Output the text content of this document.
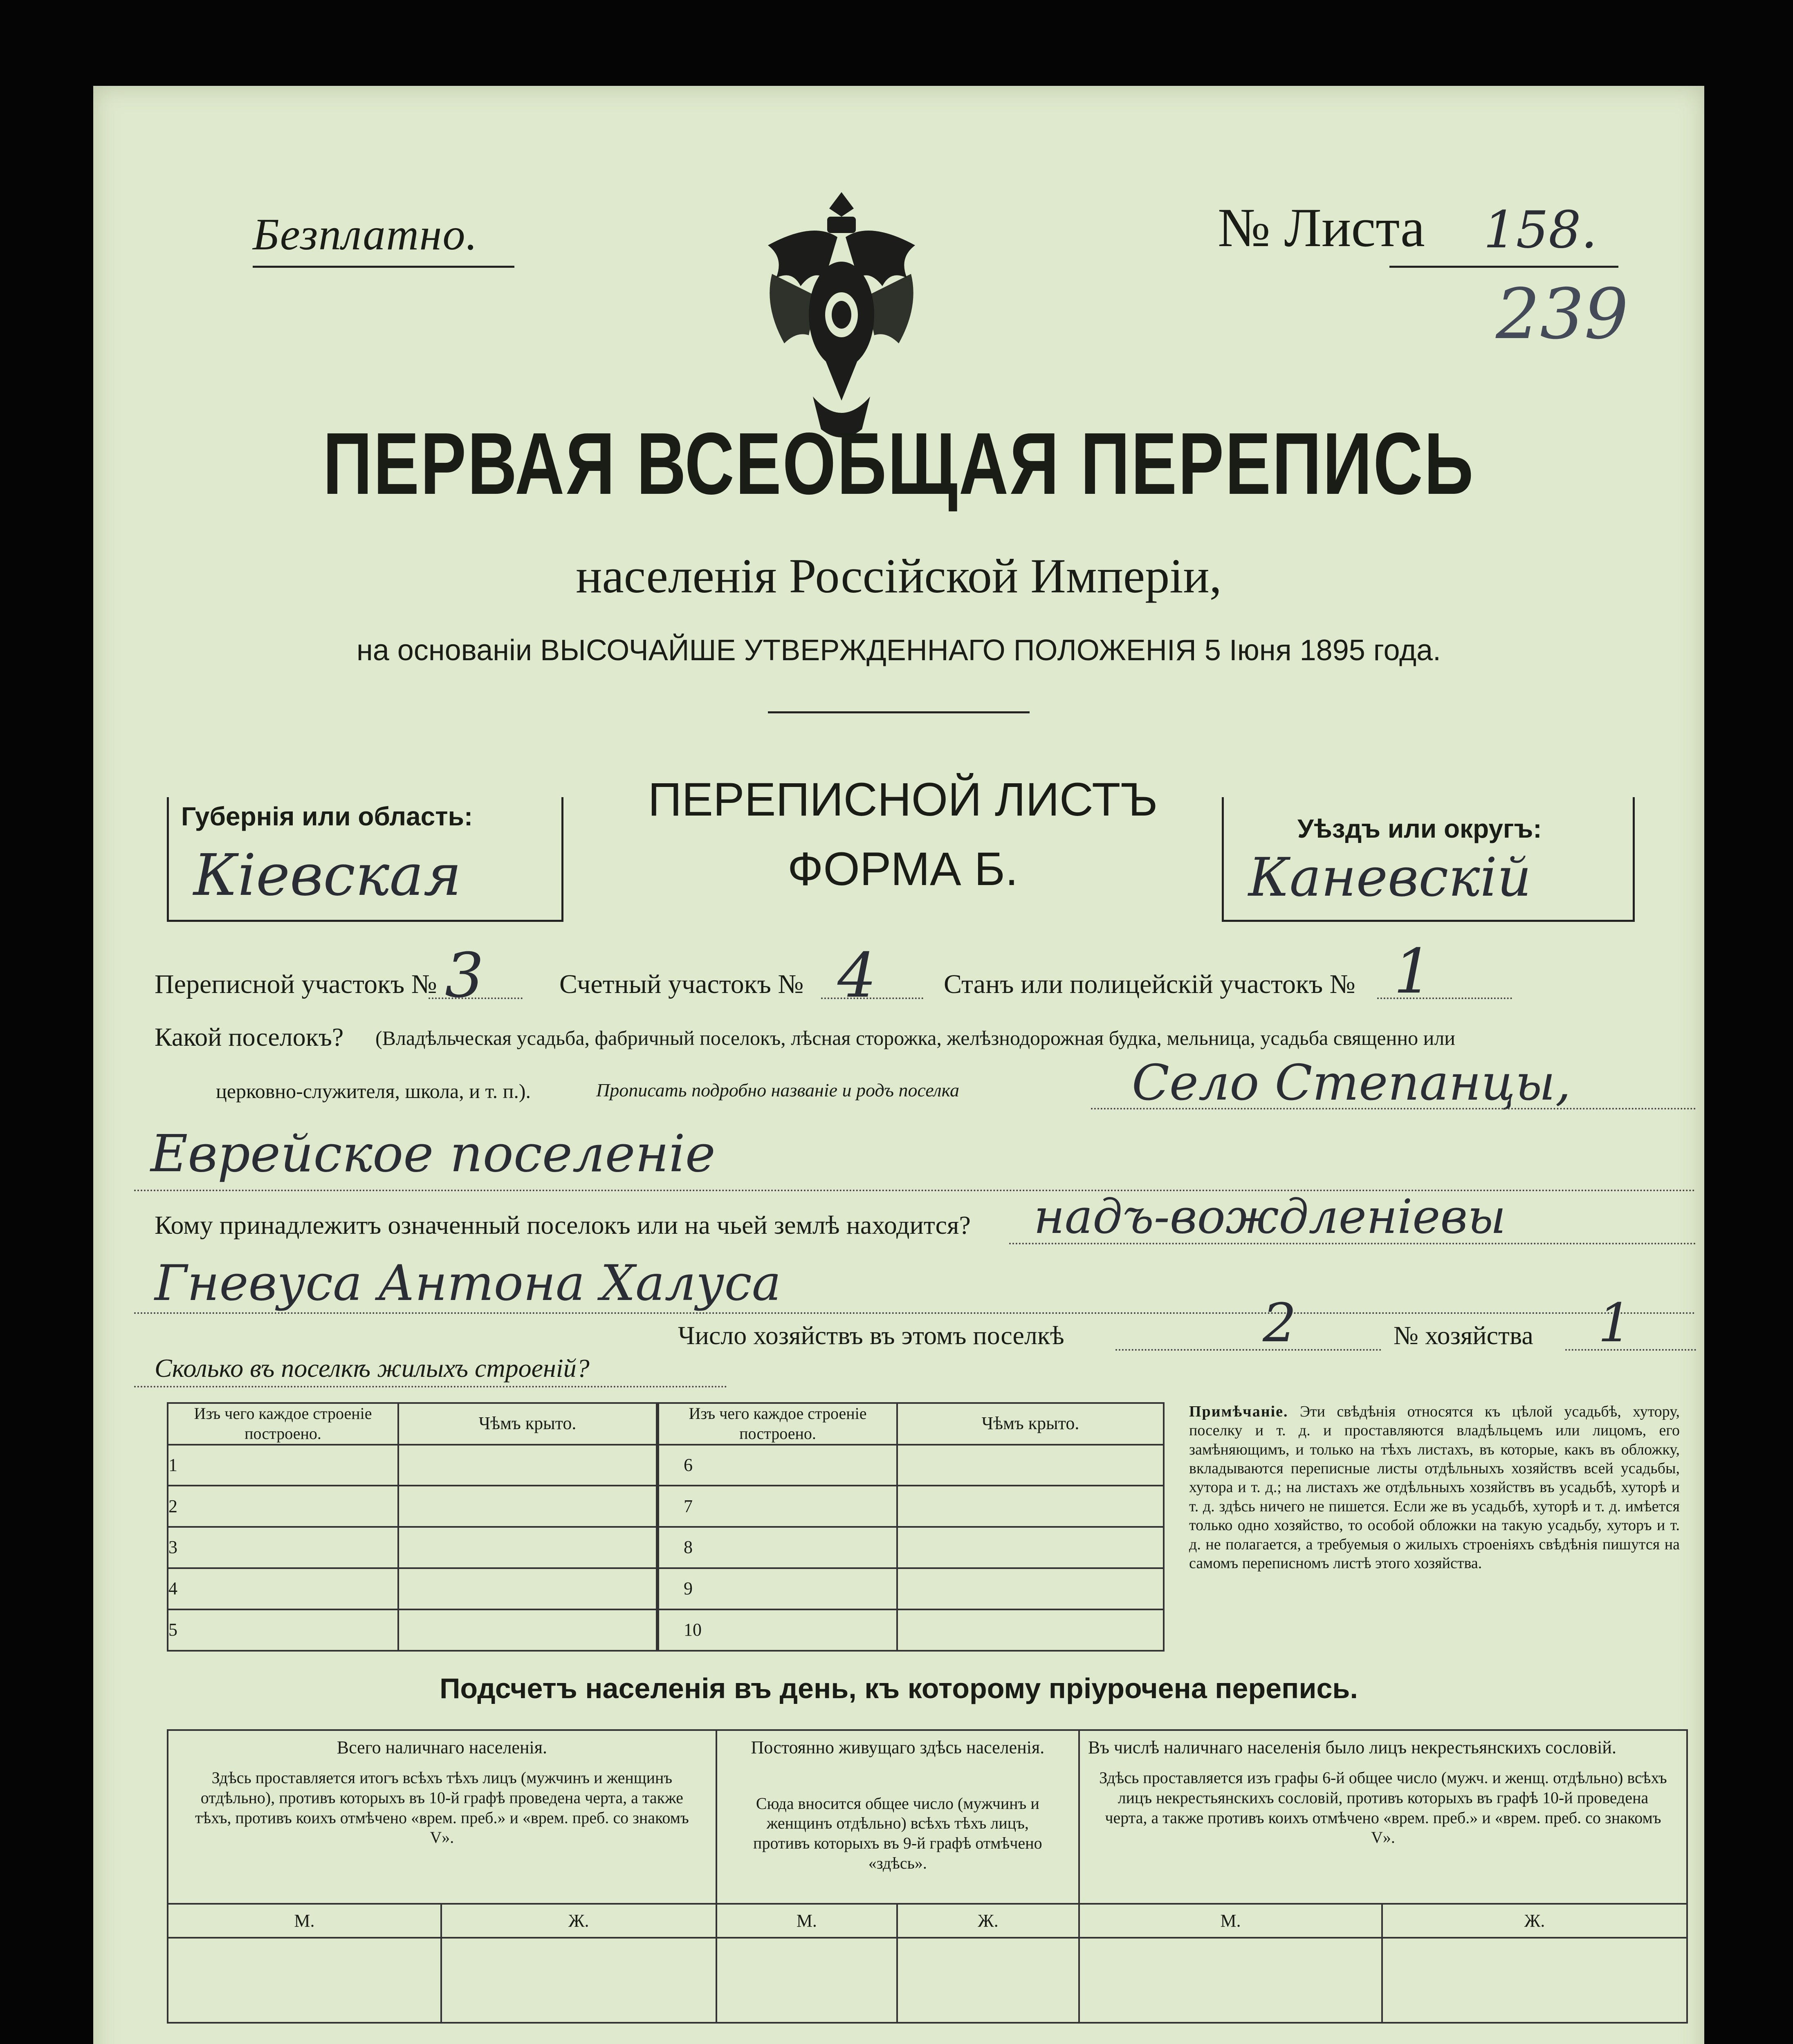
Безплатно.	№ Листа 158.
239
ПЕРВАЯ ВСЕОБЩАЯ ПЕРЕПИСЬ
населенія Россійской Имперіи,
на основаніи ВЫСОЧАЙШЕ УТВЕРЖДЕННАГО ПОЛОЖЕНІЯ 5 Іюня 1895 года.
Губернія или область:
Кіевская
ПЕРЕПИСНОЙ ЛИСТЪ
ФОРМА Б.
Уѣздъ или округъ:
Каневскій
Переписной участокъ № 3	Счетный участокъ № 4 Станъ или полицейскій участокъ № 1
Какой поселокъ? (Владѣльческая усадьба, фабричный поселокъ, лѣсная сторожка, желѣзнодорожная будка, мельница, усадьба священно или
церковно-служителя, школа, и т. п.).	Прописать подробно названіе и родъ поселка	Село Степанцы,
Еврейское поселеніе
Кому принадлежитъ означенный поселокъ или на чьей землѣ находится? надъ-вождленіевы
Гневуса Антона Халуса
Число хозяйствъ въ этомъ поселкѣ	2	№ хозяйства 1
Сколько въ поселкѣ жилыхъ строеній?
Изъ чего каждое строеніе построено.	Чѣмъ крыто.
1	
2	
3	
4	
5	
Изъ чего каждое строеніе построено.	Чѣмъ крыто.
6	
7	
8	
9	
10	
Примѣчаніе. Эти свѣдѣнія относятся къ цѣлой усадьбѣ, хутору, поселку и т. д. и проставляются владѣльцемъ или лицомъ, его замѣняющимъ, и только на тѣхъ листахъ, въ которые, какъ въ обложку, вкладываются переписные листы отдѣльныхъ хозяйствъ всей усадьбы, хутора и т. д.; на листахъ же отдѣльныхъ хозяйствъ въ усадьбѣ, хуторѣ и т. д. здѣсь ничего не пишется. Если же въ усадьбѣ, хуторѣ и т. д. имѣется только одно хозяйство, то особой обложки на такую усадьбу, хуторъ и т. д. не полагается, а требуемыя о жилыхъ строеніяхъ свѣдѣнія пишутся на самомъ переписномъ листѣ этого хозяйства.
Подсчетъ населенія въ день, къ которому пріурочена перепись.
Всего наличнаго населенія.		Постоянно живущаго здѣсь населенія.		Въ числѣ наличнаго населенія было лицъ некрестьянскихъ сословій.	
Здѣсь проставляется итогъ всѣхъ тѣхъ лицъ (мужчинъ и женщинъ отдѣльно), противъ которыхъ въ 10-й графѣ проведена черта, а также тѣхъ, противъ коихъ отмѣчено «врем. преб.» и «врем. преб. со знакомъ V».		Сюда вносится общее число (мужчинъ и женщинъ отдѣльно) всѣхъ тѣхъ лицъ, противъ которыхъ въ 9-й графѣ отмѣчено «здѣсь».		Здѣсь проставляется изъ графы 6-й общее число (мужч. и женщ. отдѣльно) всѣхъ лицъ некрестьянскихъ сословій, противъ которыхъ въ графѣ 10-й проведена черта, а также противъ коихъ отмѣчено «врем. преб.» и «врем. преб. со знакомъ V».	
М.	Ж.	М.	Ж.	М.	Ж.
